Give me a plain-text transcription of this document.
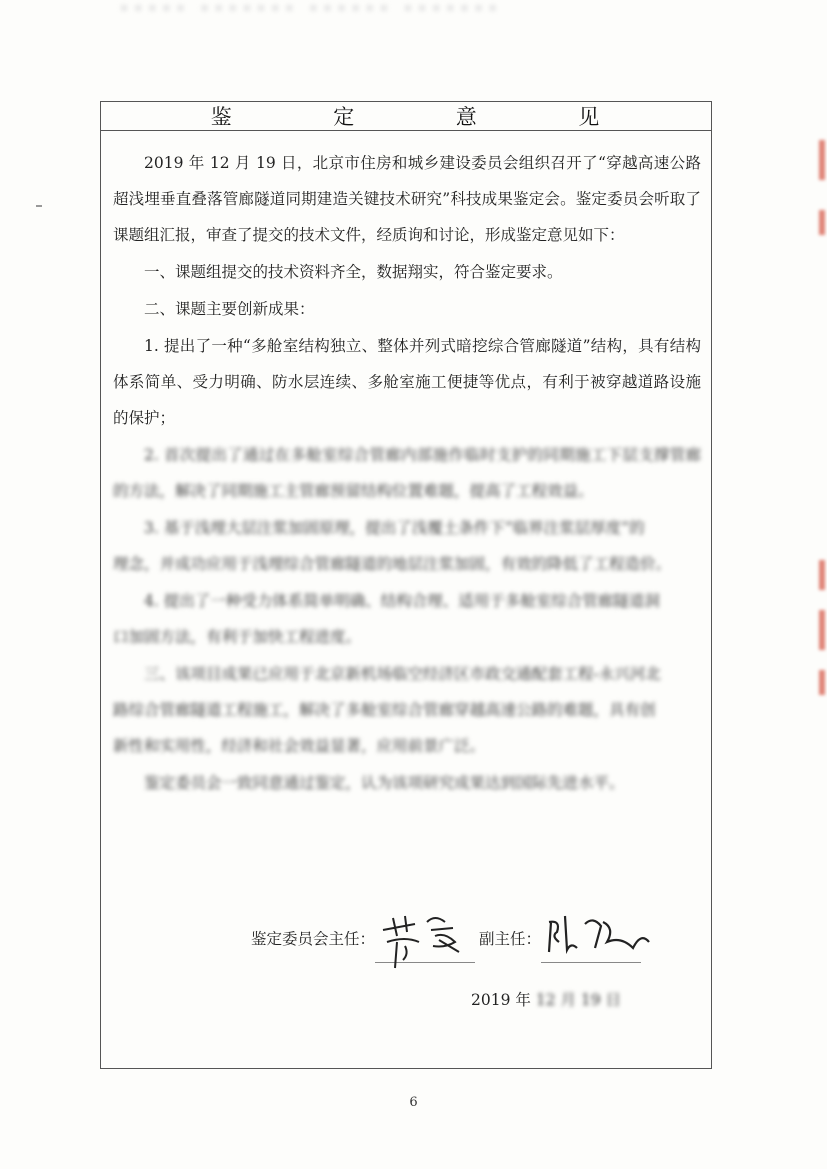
▪▪▪▪▪ ▪▪▪▪▪▪▪ ▪▪▪▪▪▪ ▪▪▪▪▪▪▪
鉴	定	意	见

2019 年 12 月 19 日，北京市住房和城乡建设委员会组织召开了“穿越高速公路超浅埋垂直叠落管廊隧道同期建造关键技术研究”科技成果鉴定会。鉴定委员会听取了课题组汇报，审查了提交的技术文件，经质询和讨论，形成鉴定意见如下：

一、课题组提交的技术资料齐全，数据翔实，符合鉴定要求。

二、课题主要创新成果：

1. 提出了一种“多舱室结构独立、整体并列式暗挖综合管廊隧道”结构，具有结构体系简单、受力明确、防水层连续、多舱室施工便捷等优点，有利于被穿越道路设施的保护；

2. 首次提出了通过在多舱室综合管廊内部施作临时支护的同期施工下层支撑管廊的方法，解决了同期施工主管廊预留结构位置难题，提高了工程效益。

3. 基于浅埋大层注浆加固原理，提出了浅覆土条件下“临界注浆层厚度”的

理念，并成功应用于浅埋综合管廊隧道的地层注浆加固，有效的降低了工程造价。

4. 提出了一种受力体系简单明确、结构合理、适用于多舱室综合管廊隧道洞

口加固方法，有利于加快工程进度。

三、该项目成果已应用于北京新机场临空经济区市政交通配套工程-永兴河北

路综合管廊隧道工程施工，解决了多舱室综合管廊穿越高速公路的难题，具有创

新性和实用性，经济和社会效益显著，应用前景广泛。

鉴定委员会一致同意通过鉴定，认为该项研究成果达到国际先进水平。

鉴定委员会主任：	副主任：
2019 年 12 月 19 日
6
